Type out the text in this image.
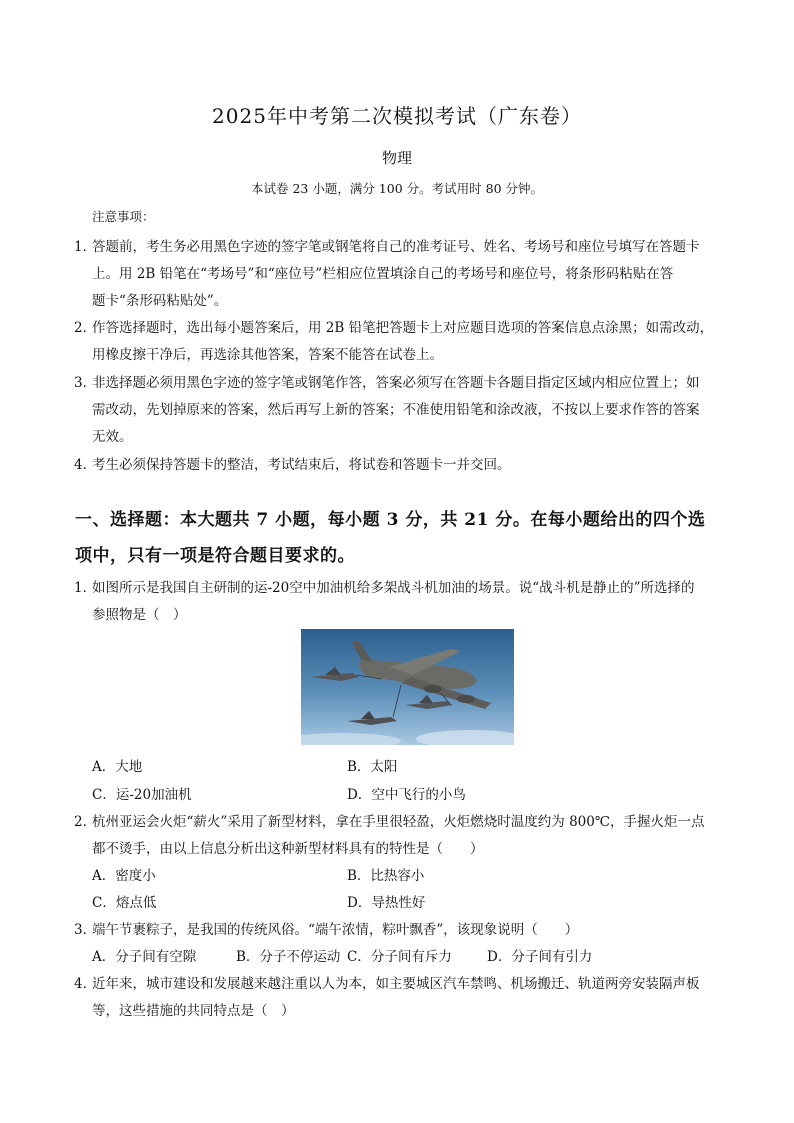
2025年中考第二次模拟考试（广东卷）
物理
本试卷 23 小题，满分 100 分。考试用时 80 分钟。
注意事项：
1．
答题前，考生务必用黑色字迹的签字笔或钢笔将自己的准考证号、姓名、考场号和座位号填写在答题卡
上。用 2B 铅笔在“考场号”和“座位号”栏相应位置填涂自己的考场号和座位号，将条形码粘贴在答
题卡“条形码粘贴处”。
2．
作答选择题时，选出每小题答案后，用 2B 铅笔把答题卡上对应题目选项的答案信息点涂黑；如需改动，
用橡皮擦干净后，再选涂其他答案，答案不能答在试卷上。
3．
非选择题必须用黑色字迹的签字笔或钢笔作答，答案必须写在答题卡各题目指定区域内相应位置上；如
需改动，先划掉原来的答案，然后再写上新的答案；不准使用铅笔和涂改液，不按以上要求作答的答案
无效。
4．
考生必须保持答题卡的整洁，考试结束后，将试卷和答题卡一并交回。
一、选择题：本大题共 7 小题，每小题 3 分，共 21 分。在每小题给出的四个选
项中，只有一项是符合题目要求的。
1．
如图所示是我国自主研制的运-20空中加油机给多架战斗机加油的场景。说“战斗机是静止的”所选择的
参照物是（　）
A．大地	B．太阳
C．运-20加油机	D．空中飞行的小鸟
2．
杭州亚运会火炬“薪火”采用了新型材料，拿在手里很轻盈，火炬燃烧时温度约为 800℃，手握火炬一点
都不烫手，由以上信息分析出这种新型材料具有的特性是（　　）
A．密度小	B．比热容小
C．熔点低	D．导热性好
3．
端午节裹粽子，是我国的传统风俗。“端午浓情，粽叶飘香”，该现象说明（　　）
A．分子间有空隙	B．分子不停运动 C．分子间有斥力	D．分子间有引力
4．
近年来，城市建设和发展越来越注重以人为本，如主要城区汽车禁鸣、机场搬迁、轨道两旁安装隔声板
等，这些措施的共同特点是（　）
